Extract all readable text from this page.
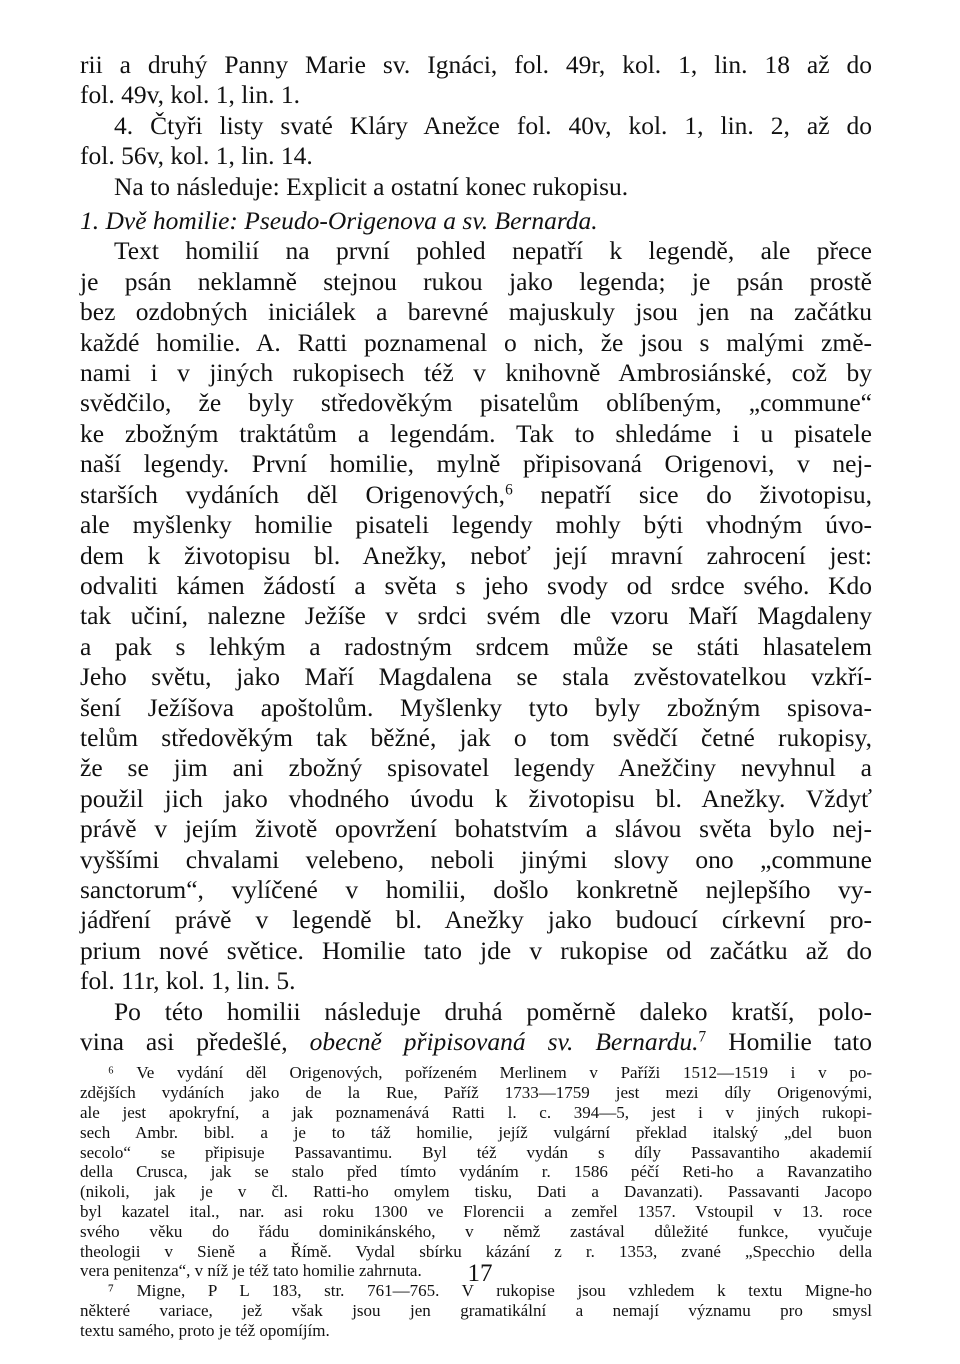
rii a druhý Panny Marie sv. Ignáci, fol. 49r, kol. 1, lin. 18 až do
fol. 49v, kol. 1, lin. 1.
4. Čtyři listy svaté Kláry Anežce fol. 40v, kol. 1, lin. 2, až do
fol. 56v, kol. 1, lin. 14.
Na to následuje: Explicit a ostatní konec rukopisu.
1. Dvě homilie: Pseudo-Origenova a sv. Bernarda.
Text homilií na první pohled nepatří k legendě, ale přece
je psán neklamně stejnou rukou jako legenda; je psán prostě
bez ozdobných iniciálek a barevné majuskuly jsou jen na začátku
každé homilie. A. Ratti poznamenal o nich, že jsou s malými změ-
nami i v jiných rukopisech též v knihovně Ambrosiánské, což by
svědčilo, že byly středověkým pisatelům oblíbeným, „commune“
ke zbožným traktátům a legendám. Tak to shledáme i u pisatele
naší legendy. První homilie, mylně připisovaná Origenovi, v nej-
starších vydáních děl Origenových,$^6$ nepatří sice do životopisu,
ale myšlenky homilie pisateli legendy mohly býti vhodným úvo-
dem k životopisu bl. Anežky, neboť její mravní zahrocení jest:
odvaliti kámen žádostí a světa s jeho svody od srdce svého. Kdo
tak učiní, nalezne Ježíše v srdci svém dle vzoru Maří Magdaleny
a pak s lehkým a radostným srdcem může se státi hlasatelem
Jeho světu, jako Maří Magdalena se stala zvěstovatelkou vzkří-
šení Ježíšova apoštolům. Myšlenky tyto byly zbožným spisova-
telům středověkým tak běžné, jak o tom svědčí četné rukopisy,
že se jim ani zbožný spisovatel legendy Anežčiny nevyhnul a
použil jich jako vhodného úvodu k životopisu bl. Anežky. Vždyť
právě v jejím životě opovržení bohatstvím a slávou světa bylo nej-
vyššími chvalami velebeno, neboli jinými slovy ono „commune
sanctorum“, vylíčené v homilii, došlo konkretně nejlepšího vy-
jádření právě v legendě bl. Anežky jako budoucí církevní pro-
prium nové světice. Homilie tato jde v rukopise od začátku až do
fol. 11r, kol. 1, lin. 5.
Po této homilii následuje druhá poměrně daleko kratší, polo-
vina asi předešlé, obecně připisovaná sv. Bernardu.$^7$ Homilie tato
⁶ Ve vydání děl Origenových, pořízeném Merlinem v Paříži 1512—1519 i v po-
zdějších vydáních jako de la Rue, Paříž 1733—1759 jest mezi díly Origenovými,
ale jest apokryfní, a jak poznamenává Ratti l. c. 394—5, jest i v jiných rukopi-
sech Ambr. bibl. a je to táž homilie, jejíž vulgární překlad italský „del buon
secolo“ se připisuje Passavantimu. Byl též vydán s díly Passavantiho akademií
della Crusca, jak se stalo před tímto vydáním r. 1586 péčí Reti-ho a Ravanzatiho
(nikoli, jak je v čl. Ratti-ho omylem tisku, Dati a Davanzati). Passavanti Jacopo
byl kazatel ital., nar. asi roku 1300 ve Florencii a zemřel 1357. Vstoupil v 13. roce
svého věku do řádu dominikánského, v němž zastával důležité funkce, vyučuje
theologii v Sieně a Římě. Vydal sbírku kázání z r. 1353, zvané „Specchio della
vera penitenza“, v níž je též tato homilie zahrnuta.
⁷ Migne, P L 183, str. 761—765. V rukopise jsou vzhledem k textu Migne-ho
některé variace, jež však jsou jen gramatikální a nemají významu pro smysl
textu samého, proto je též opomíjím.
17
